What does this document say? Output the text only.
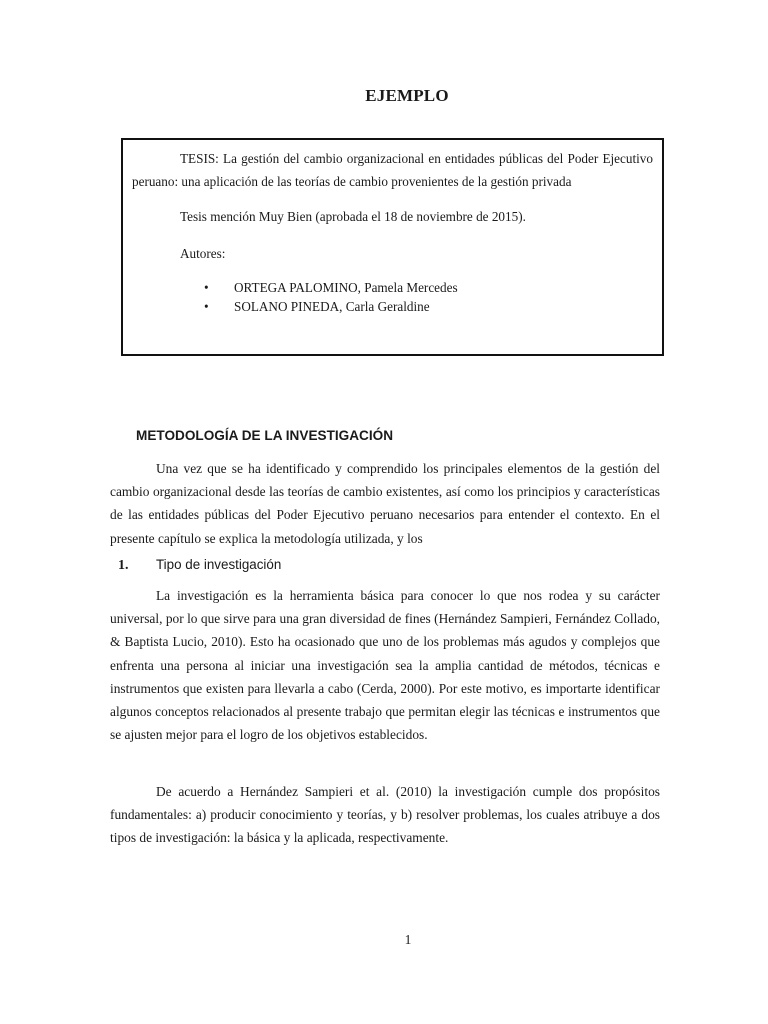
EJEMPLO

TESIS: La gestión del cambio organizacional en entidades públicas del Poder Ejecutivo peruano: una aplicación de las teorías de cambio provenientes de la gestión privada

Tesis mención Muy Bien (aprobada el 18 de noviembre de 2015).

Autores:

• ORTEGA PALOMINO, Pamela Mercedes
• SOLANO PINEDA, Carla Geraldine
METODOLOGÍA DE LA INVESTIGACIÓN

Una vez que se ha identificado y comprendido los principales elementos de la gestión del cambio organizacional desde las teorías de cambio existentes, así como los principios y características de las entidades públicas del Poder Ejecutivo peruano necesarios para entender el contexto. En el presente capítulo se explica la metodología utilizada, y los

1. Tipo de investigación

La investigación es la herramienta básica para conocer lo que nos rodea y su carácter universal, por lo que sirve para una gran diversidad de fines (Hernández Sampieri, Fernández Collado, & Baptista Lucio, 2010). Esto ha ocasionado que uno de los problemas más agudos y complejos que enfrenta una persona al iniciar una investigación sea la amplia cantidad de métodos, técnicas e instrumentos que existen para llevarla a cabo (Cerda, 2000). Por este motivo, es importarte identificar algunos conceptos relacionados al presente trabajo que permitan elegir las técnicas e instrumentos que se ajusten mejor para el logro de los objetivos establecidos.

De acuerdo a Hernández Sampieri et al. (2010) la investigación cumple dos propósitos fundamentales: a) producir conocimiento y teorías, y b) resolver problemas, los cuales atribuye a dos tipos de investigación: la básica y la aplicada, respectivamente.

1
